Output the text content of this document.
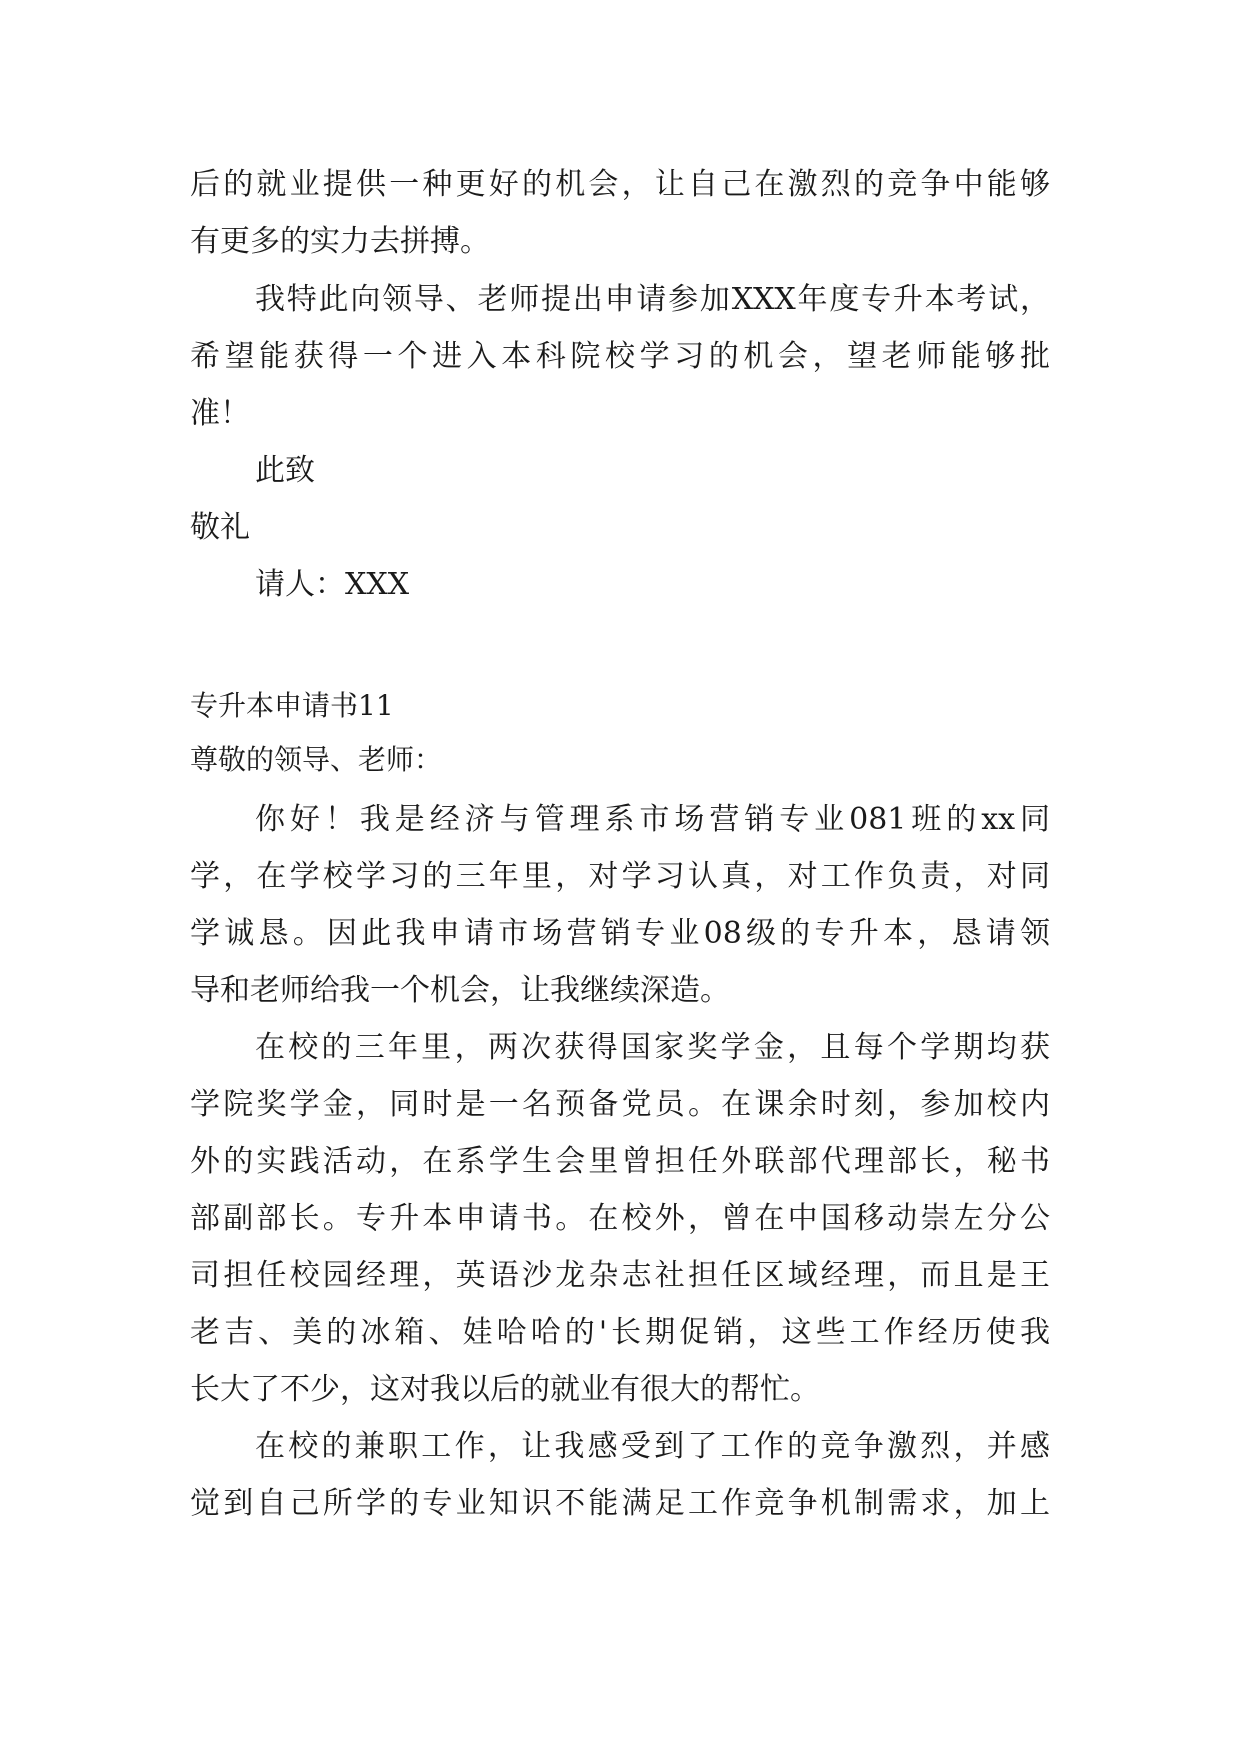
后的就业提供一种更好的机会，让自己在激烈的竞争中能够
有更多的实力去拼搏。
我特此向领导、老师提出申请参加XXX年度专升本考试，
希望能获得一个进入本科院校学习的机会，望老师能够批
准！
此致
敬礼
请人：XXX
专升本申请书11
尊敬的领导、老师：
你好！我是经济与管理系市场营销专业081班的xx同
学，在学校学习的三年里，对学习认真，对工作负责，对同
学诚恳。因此我申请市场营销专业08级的专升本，恳请领
导和老师给我一个机会，让我继续深造。
在校的三年里，两次获得国家奖学金，且每个学期均获
学院奖学金，同时是一名预备党员。在课余时刻，参加校内
外的实践活动，在系学生会里曾担任外联部代理部长，秘书
部副部长。专升本申请书。在校外，曾在中国移动崇左分公
司担任校园经理，英语沙龙杂志社担任区域经理，而且是王
老吉、美的冰箱、娃哈哈的'长期促销，这些工作经历使我
长大了不少，这对我以后的就业有很大的帮忙。
在校的兼职工作，让我感受到了工作的竞争激烈，并感
觉到自己所学的专业知识不能满足工作竞争机制需求，加上
